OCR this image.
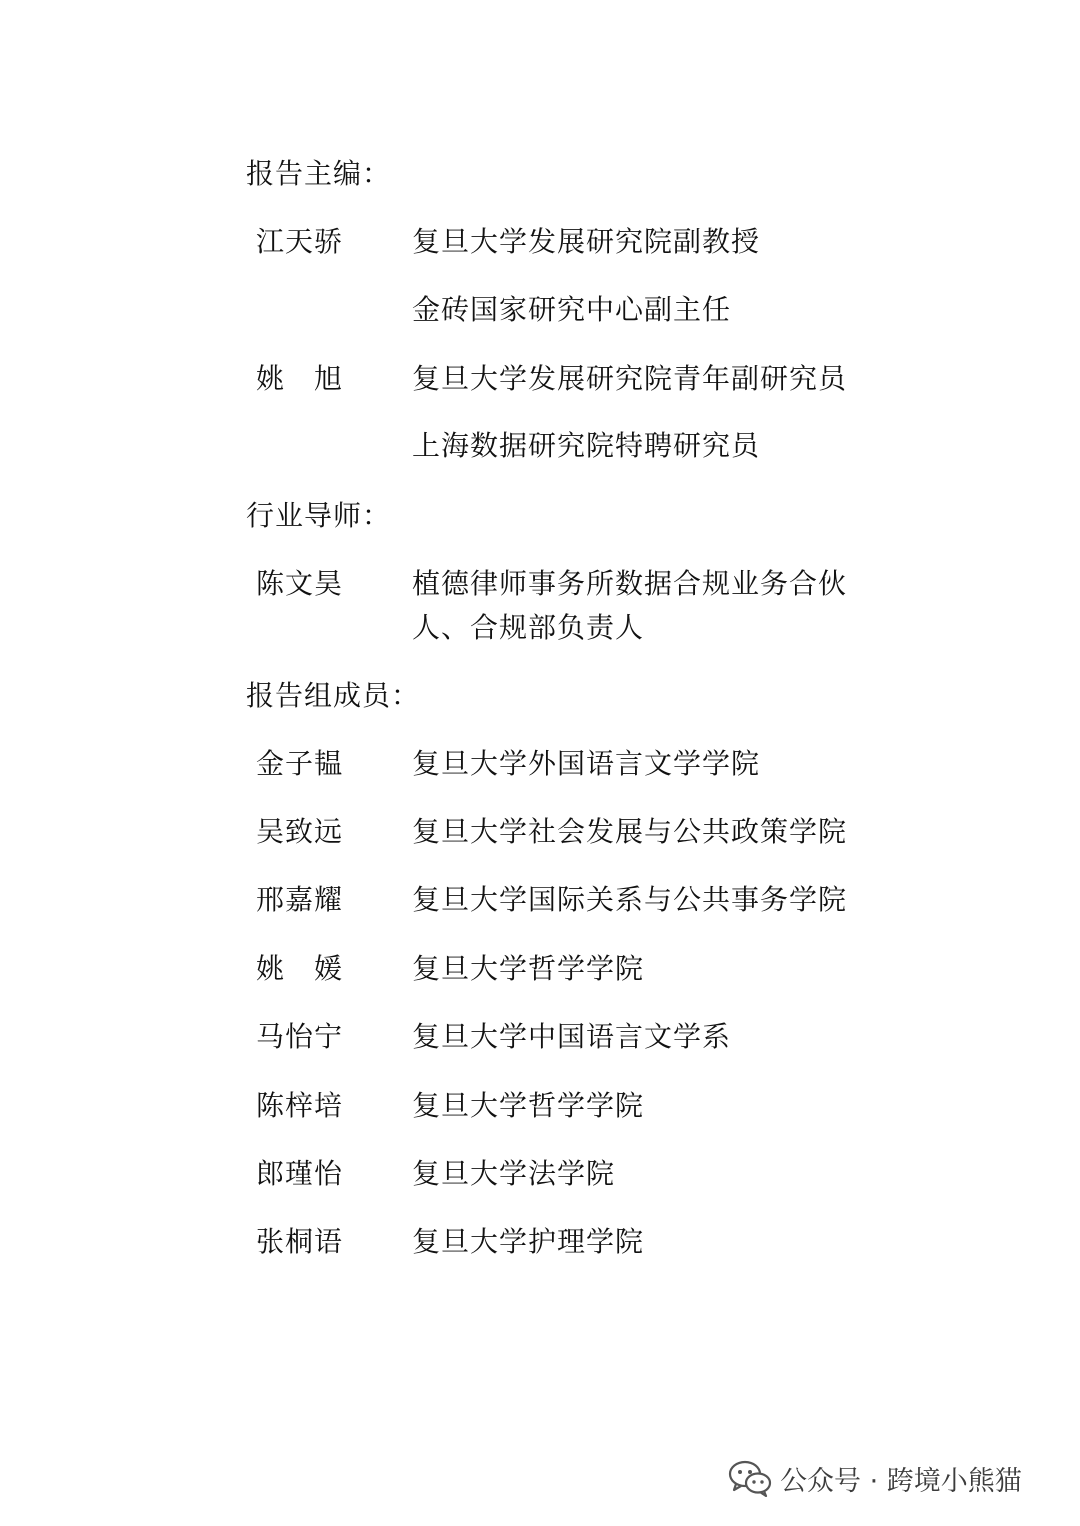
报告主编：
江天骄 复旦大学发展研究院副教授
金砖国家研究中心副主任
姚　旭 复旦大学发展研究院青年副研究员
上海数据研究院特聘研究员
行业导师：
陈文昊 植德律师事务所数据合规业务合伙
人、合规部负责人
报告组成员：
金子韫 复旦大学外国语言文学学院
吴致远 复旦大学社会发展与公共政策学院
邢嘉耀 复旦大学国际关系与公共事务学院
姚　媛 复旦大学哲学学院
马怡宁 复旦大学中国语言文学系
陈梓培 复旦大学哲学学院
郎瑾怡 复旦大学法学院
张桐语 复旦大学护理学院
公众号 · 跨境小熊猫
